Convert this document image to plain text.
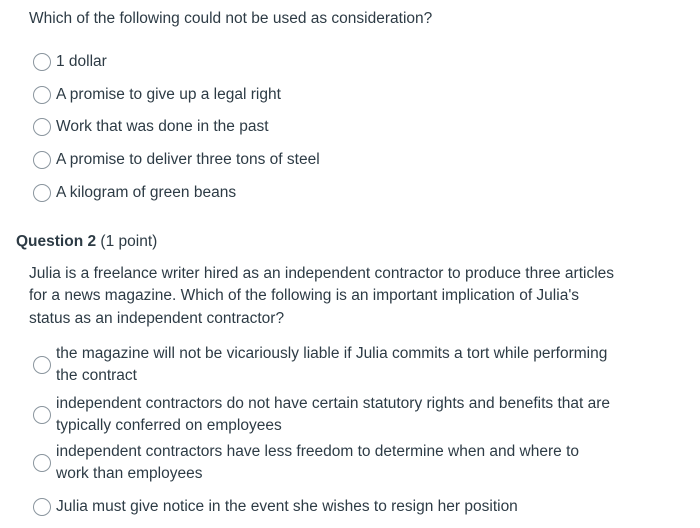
Which of the following could not be used as consideration?
1 dollar
A promise to give up a legal right
Work that was done in the past
A promise to deliver three tons of steel
A kilogram of green beans
Question 2 (1 point)
Julia is a freelance writer hired as an independent contractor to produce three articles for a news magazine. Which of the following is an important implication of Julia's status as an independent contractor?
the magazine will not be vicariously liable if Julia commits a tort while performing the contract
independent contractors do not have certain statutory rights and benefits that are typically conferred on employees
independent contractors have less freedom to determine when and where to work than employees
Julia must give notice in the event she wishes to resign her position
